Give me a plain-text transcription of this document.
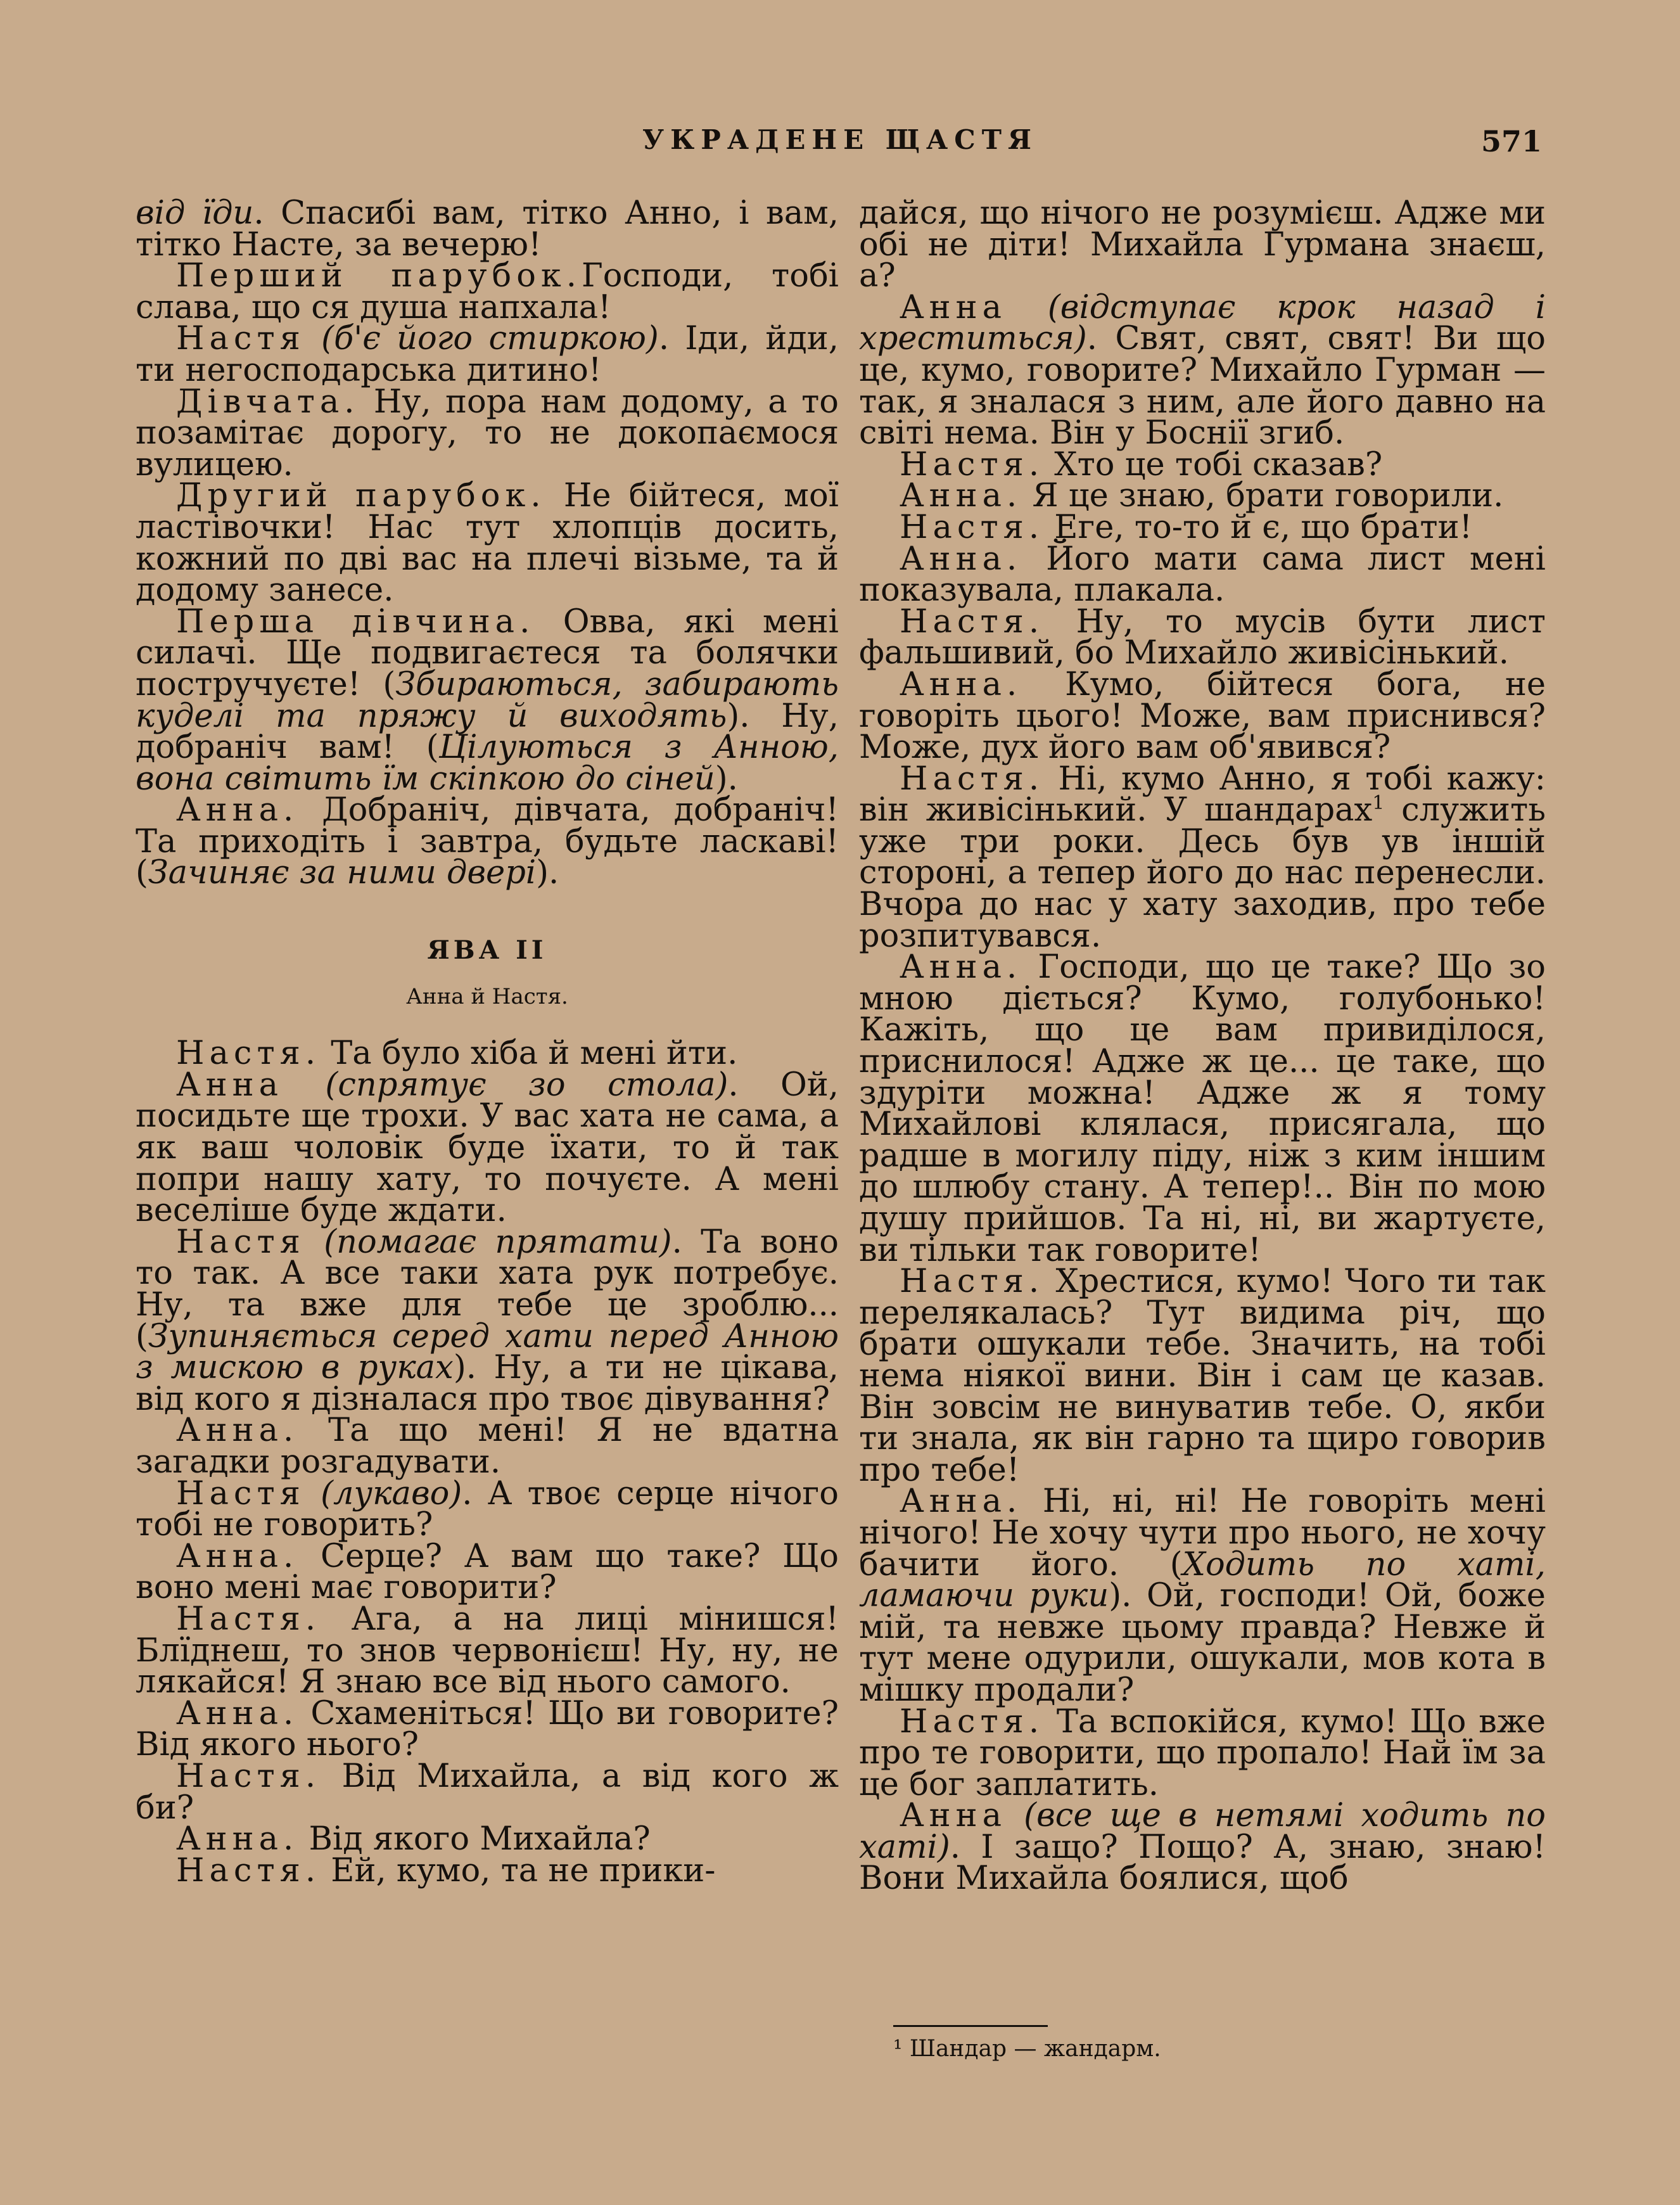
УКРАДЕНЕ ЩАСТЯ	571

від їди. Спасибі вам, тітко Анно, і вам, тітко Насте, за вечерю!

Перший парубок.Господи, тобі слава, що ся душа напхала!

Настя (б'є його стиркою). Іди, йди, ти негосподарська дитино!

Дівчата. Ну, пора нам додому, а то позамітає дорогу, то не докопаємося вулицею.

Другий парубок. Не бійтеся, мої ластівочки! Нас тут хлопців досить, кожний по дві вас на плечі візьме, та й додому занесе.

Перша дівчина. Овва, які мені силачі. Ще подвигаєтеся та болячки постручуєте! (Збираються, забирають куделі та пряжу й виходять). Ну, добраніч вам! (Цілуються з Анною, вона світить їм скіпкою до сіней).

Анна. Добраніч, дівчата, добраніч! Та приходіть і завтра, будьте ласкаві! (Зачиняє за ними двері).

ЯВА II

Анна й Настя.

Настя. Та було хіба й мені йти.

Анна (спрятує зо стола). Ой, посидьте ще трохи. У вас хата не сама, а як ваш чоловік буде їхати, то й так попри нашу хату, то почуєте. А мені веселіше буде ждати.

Настя (помагає прятати). Та воно то так. А все таки хата рук потребує. Ну, та вже для тебе це зроблю... (Зупиняється серед хати перед Анною з мискою в руках). Ну, а ти не цікава, від кого я дізналася про твоє дівування?

Анна. Та що мені! Я не вдатна загадки розгадувати.

Настя (лукаво). А твоє серце нічого тобі не говорить?

Анна. Серце? А вам що таке? Що воно мені має говорити?

Настя. Ага, а на лиці мінишся! Блїднеш, то знов червонієш! Ну, ну, не лякайся! Я знаю все від нього самого.

Анна. Схаменіться! Що ви говорите? Від якого нього?

Настя. Від Михайла, а від кого ж би?

Анна. Від якого Михайла?

Настя. Ей, кумо, та не прики-

дайся, що нічого не розумієш. Адже ми обі не діти! Михайла Гурмана знаєш, а?

Анна (відступає крок назад і хреститься). Свят, свят, свят! Ви що це, кумо, говорите? Михайло Гурман — так, я зналася з ним, але його давно на світі нема. Він у Боснії згиб.

Настя. Хто це тобі сказав?

Анна. Я це знаю, брати говорили.

Настя. Еге, то-то й є, що брати!

Анна. Його мати сама лист мені показувала, плакала.

Настя. Ну, то мусів бути лист фальшивий, бо Михайло живісінький.

Анна. Кумо, бійтеся бога, не говоріть цього! Може, вам приснився? Може, дух його вам об'явився?

Настя. Ні, кумо Анно, я тобі кажу: він живісінький. У шандарах$^1$ служить уже три роки. Десь був ув іншій стороні, а тепер його до нас перенесли. Вчора до нас у хату заходив, про тебе розпитувався.

Анна. Господи, що це таке? Що зо мною діється? Кумо, голубонько! Кажіть, що це вам привиділося, приснилося! Адже ж це... це таке, що здуріти можна! Адже ж я тому Михайлові клялася, присягала, що радше в могилу піду, ніж з ким іншим до шлюбу стану. А тепер!.. Він по мою душу прийшов. Та ні, ні, ви жартуєте, ви тільки так говорите!

Настя. Хрестися, кумо! Чого ти так перелякалась? Тут видима річ, що брати ошукали тебе. Значить, на тобі нема ніякої вини. Він і сам це казав. Він зовсім не винуватив тебе. О, якби ти знала, як він гарно та щиро говорив про тебе!

Анна. Ні, ні, ні! Не говоріть мені нічого! Не хочу чути про нього, не хочу бачити його. (Ходить по хаті, ламаючи руки). Ой, господи! Ой, боже мій, та невже цьому правда? Невже й тут мене одурили, ошукали, мов кота в мішку продали?

Настя. Та вспокійся, кумо! Що вже про те говорити, що пропало! Най їм за це бог заплатить.

Анна (все ще в нетямі ходить по хаті). І защо? Пощо? А, знаю, знаю! Вони Михайла боялися, щоб

¹ Шандар — жандарм.
